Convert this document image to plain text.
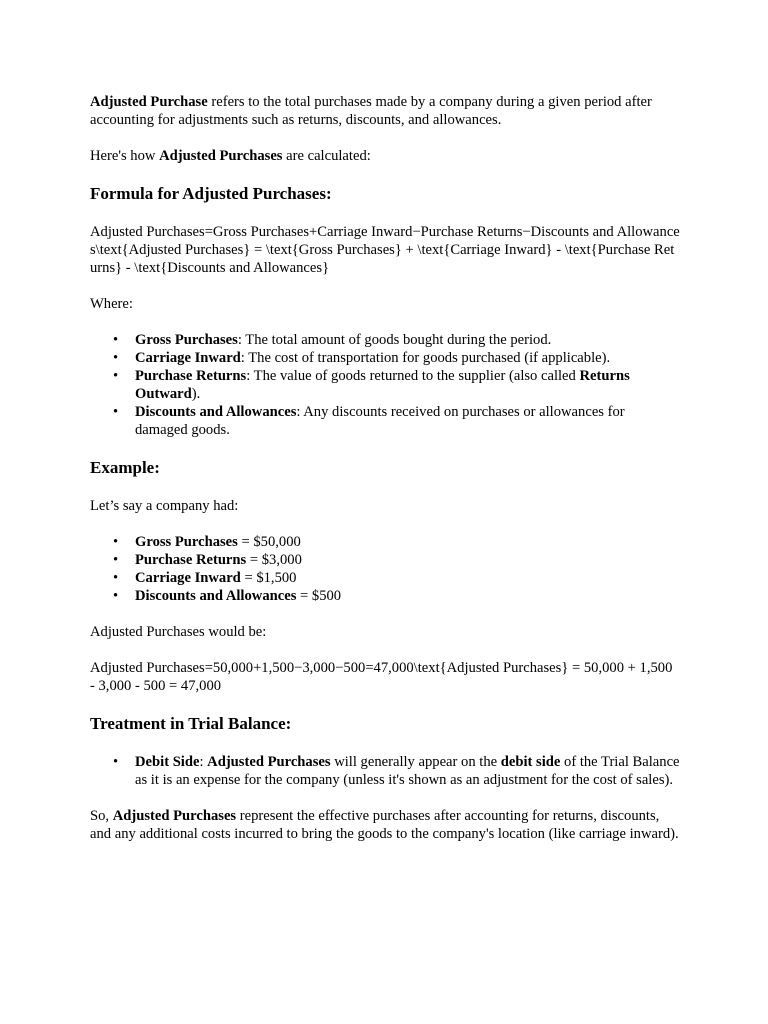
Adjusted Purchase refers to the total purchases made by a company during a given period after accounting for adjustments such as returns, discounts, and allowances.

Here's how Adjusted Purchases are calculated:

Formula for Adjusted Purchases:

Adjusted Purchases=Gross Purchases+Carriage Inward−Purchase Returns−Discounts and Allowances\text{Adjusted Purchases} = \text{Gross Purchases} + \text{Carriage Inward} - \text{Purchase Returns} - \text{Discounts and Allowances}

Where:

• Gross Purchases: The total amount of goods bought during the period.
• Carriage Inward: The cost of transportation for goods purchased (if applicable).
• Purchase Returns: The value of goods returned to the supplier (also called Returns Outward).
• Discounts and Allowances: Any discounts received on purchases or allowances for damaged goods.
Example:

Let’s say a company had:

• Gross Purchases = $50,000
• Purchase Returns = $3,000
• Carriage Inward = $1,500
• Discounts and Allowances = $500

Adjusted Purchases would be:

Adjusted Purchases=50,000+1,500−3,000−500=47,000\text{Adjusted Purchases} = 50,000 + 1,500 - 3,000 - 500 = 47,000

Treatment in Trial Balance:
• Debit Side: Adjusted Purchases will generally appear on the debit side of the Trial Balance as it is an expense for the company (unless it's shown as an adjustment for the cost of sales).

So, Adjusted Purchases represent the effective purchases after accounting for returns, discounts, and any additional costs incurred to bring the goods to the company's location (like carriage inward).
